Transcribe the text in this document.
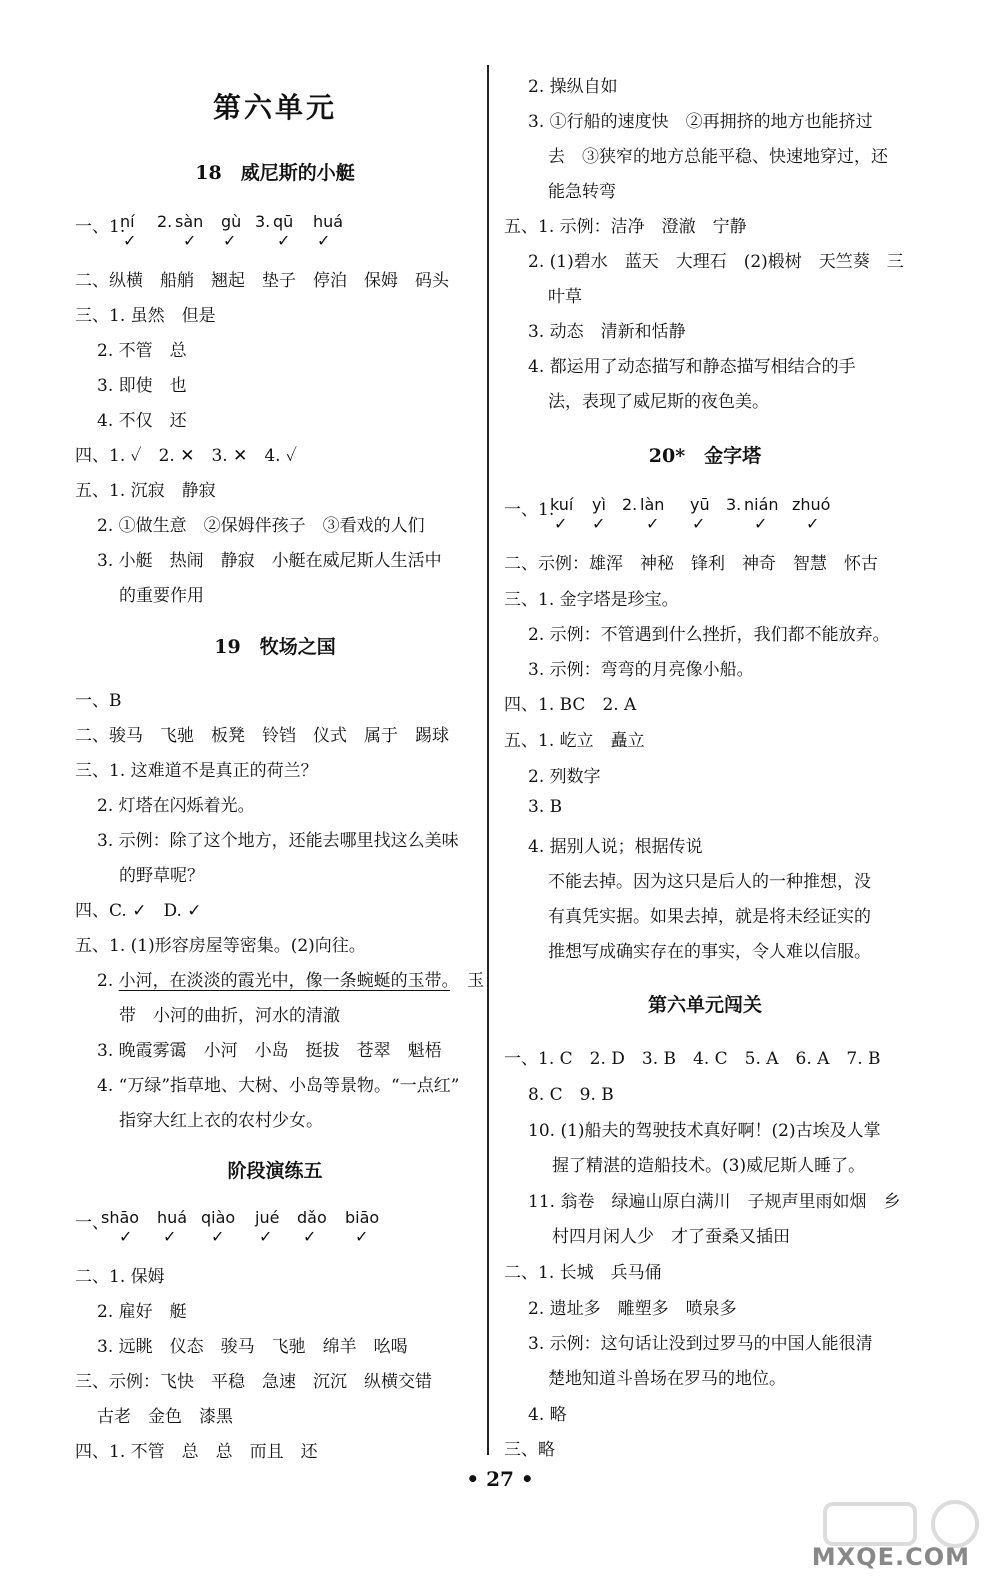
第六单元
18　威尼斯的小艇
一、1.
ní
✓
2. sàn
✓
gù
✓
3. qū
✓
huá
✓
二、纵横　船艄　翘起　垫子　停泊　保姆　码头
三、1. 虽然　但是
2. 不管　总
3. 即使　也
4. 不仅　还
四、1. ✓　2. ✕　3. ✕　4. ✓
五、1. 沉寂　静寂
2. ①做生意　②保姆伴孩子　③看戏的人们
3. 小艇　热闹　静寂　小艇在威尼斯人生活中
的重要作用
19　牧场之国
一、B
二、骏马　飞驰　板凳　铃铛　仪式　属于　踢球
三、1. 这难道不是真正的荷兰？
2. 灯塔在闪烁着光。
3. 示例：除了这个地方，还能去哪里找这么美味
的野草呢？
四、C. ✓　D. ✓
五、1. (1)形容房屋等密集。(2)向往。
2. 小河，在淡淡的霞光中，像一条蜿蜒的玉带。　玉
带　小河的曲折，河水的清澈
3. 晚霞雾霭　小河　小岛　挺拔　苍翠　魁梧
4. “万绿”指草地、大树、小岛等景物。“一点红”
指穿大红上衣的农村少女。
阶段演练五
一、
shāo
✓
huá
✓
qiào
✓
jué
✓
dǎo
✓
biāo
✓
二、1. 保姆
2. 雇好　艇
3. 远眺　仪态　骏马　飞驰　绵羊　吆喝
三、示例：飞快　平稳　急速　沉沉　纵横交错
古老　金色　漆黑
四、1. 不管　总　总　而且　还
2. 操纵自如
3. ①行船的速度快　②再拥挤的地方也能挤过
去　③狭窄的地方总能平稳、快速地穿过，还
能急转弯
五、1. 示例：洁净　澄澈　宁静
2. (1)碧水　蓝天　大理石　(2)椴树　天竺葵　三
叶草
3. 动态　清新和恬静
4. 都运用了动态描写和静态描写相结合的手
法，表现了威尼斯的夜色美。
20*　金字塔
一、1.
kuí
✓
yì
✓
2. làn
✓
yū
✓
3. nián
✓
zhuó
✓
二、示例：雄浑　神秘　锋利　神奇　智慧　怀古
三、1. 金字塔是珍宝。
2. 示例：不管遇到什么挫折，我们都不能放弃。
3. 示例：弯弯的月亮像小船。
四、1. BC　2. A
五、1. 屹立　矗立
2. 列数字
3. B
4. 据别人说；根据传说
不能去掉。因为这只是后人的一种推想，没
有真凭实据。如果去掉，就是将未经证实的
推想写成确实存在的事实，令人难以信服。
第六单元闯关
一、1. C　2. D　3. B　4. C　5. A　6. A　7. B
8. C　9. B
10. (1)船夫的驾驶技术真好啊！(2)古埃及人掌
握了精湛的造船技术。(3)威尼斯人睡了。
11. 翁卷　绿遍山原白满川　子规声里雨如烟　乡
村四月闲人少　才了蚕桑又插田
二、1. 长城　兵马俑
2. 遗址多　雕塑多　喷泉多
3. 示例：这句话让没到过罗马的中国人能很清
楚地知道斗兽场在罗马的地位。
4. 略
三、略
• 27 •
MXQE.COM
